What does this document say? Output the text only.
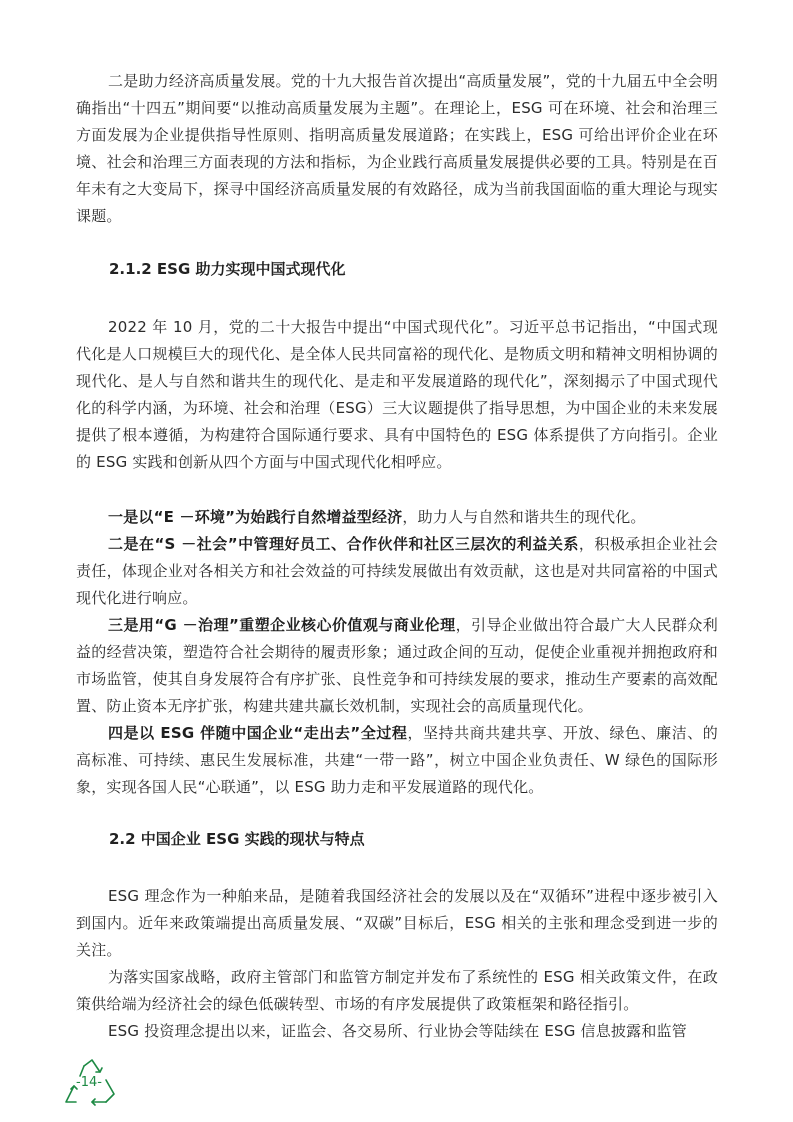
二是助力经济高质量发展。党的十九大报告首次提出“高质量发展”，党的十九届五中全会明确指出“十四五”期间要“以推动高质量发展为主题”。在理论上，ESG 可在环境、社会和治理三方面发展为企业提供指导性原则、指明高质量发展道路；在实践上，ESG 可给出评价企业在环境、社会和治理三方面表现的方法和指标，为企业践行高质量发展提供必要的工具。特别是在百年未有之大变局下，探寻中国经济高质量发展的有效路径，成为当前我国面临的重大理论与现实课题。

2.1.2 ESG 助力实现中国式现代化

2022 年 10 月，党的二十大报告中提出“中国式现代化”。习近平总书记指出，“中国式现代化是人口规模巨大的现代化、是全体人民共同富裕的现代化、是物质文明和精神文明相协调的现代化、是人与自然和谐共生的现代化、是走和平发展道路的现代化”，深刻揭示了中国式现代化的科学内涵，为环境、社会和治理（ESG）三大议题提供了指导思想，为中国企业的未来发展提供了根本遵循，为构建符合国际通行要求、具有中国特色的 ESG 体系提供了方向指引。企业的 ESG 实践和创新从四个方面与中国式现代化相呼应。

一是以“E －环境”为始践行自然增益型经济，助力人与自然和谐共生的现代化。

二是在“S －社会”中管理好员工、合作伙伴和社区三层次的利益关系，积极承担企业社会责任，体现企业对各相关方和社会效益的可持续发展做出有效贡献，这也是对共同富裕的中国式现代化进行响应。

三是用“G －治理”重塑企业核心价值观与商业伦理，引导企业做出符合最广大人民群众利益的经营决策，塑造符合社会期待的履责形象；通过政企间的互动，促使企业重视并拥抱政府和市场监管，使其自身发展符合有序扩张、良性竞争和可持续发展的要求，推动生产要素的高效配置、防止资本无序扩张，构建共建共赢长效机制，实现社会的高质量现代化。

四是以 ESG 伴随中国企业“走出去”全过程，坚持共商共建共享、开放、绿色、廉洁、的高标准、可持续、惠民生发展标准，共建“一带一路”，树立中国企业负责任、W 绿色的国际形象，实现各国人民“心联通”，以 ESG 助力走和平发展道路的现代化。

2.2 中国企业 ESG 实践的现状与特点

ESG 理念作为一种舶来品，是随着我国经济社会的发展以及在“双循环”进程中逐步被引入到国内。近年来政策端提出高质量发展、“双碳”目标后，ESG 相关的主张和理念受到进一步的关注。

为落实国家战略，政府主管部门和监管方制定并发布了系统性的 ESG 相关政策文件，在政策供给端为经济社会的绿色低碳转型、市场的有序发展提供了政策框架和路径指引。

ESG 投资理念提出以来，证监会、各交易所、行业协会等陆续在 ESG 信息披露和监管

-14-
